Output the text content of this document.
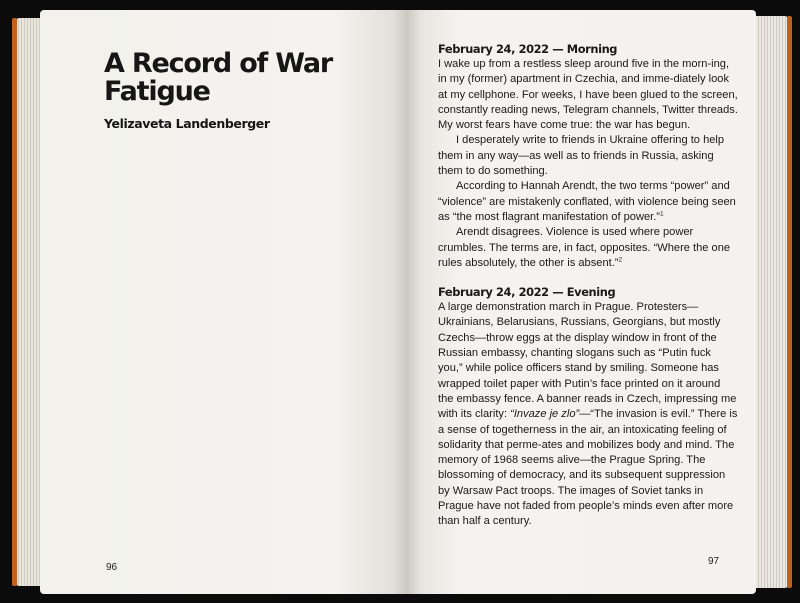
A Record of War
Fatigue

Yelizaveta Landenberger

96
February 24, 2022 — Morning

I wake up from a restless sleep around five in the morn-ing, in my (former) apartment in Czechia, and imme-diately look at my cellphone. For weeks, I have been glued to the screen, constantly reading news, Telegram channels, Twitter threads. My worst fears have come true: the war has begun.

I desperately write to friends in Ukraine offering to help them in any way—as well as to friends in Russia, asking them to do something.

According to Hannah Arendt, the two terms “power” and “violence” are mistakenly conflated, with violence being seen as “the most flagrant manifestation of power.”$^1$

Arendt disagrees. Violence is used where power crumbles. The terms are, in fact, opposites. “Where the one rules absolutely, the other is absent.”$^2$

February 24, 2022 — Evening

A large demonstration march in Prague. Protesters—Ukrainians, Belarusians, Russians, Georgians, but mostly Czechs—throw eggs at the display window in front of the Russian embassy, chanting slogans such as “Putin fuck you,” while police officers stand by smiling. Someone has wrapped toilet paper with Putin’s face printed on it around the embassy fence. A banner reads in Czech, impressing me with its clarity: “Invaze je zlo”—“The invasion is evil.” There is a sense of togetherness in the air, an intoxicating feeling of solidarity that perme-ates and mobilizes body and mind. The memory of 1968 seems alive—the Prague Spring. The blossoming of democracy, and its subsequent suppression by Warsaw Pact troops. The images of Soviet tanks in Prague have not faded from people’s minds even after more than half a century.

97
